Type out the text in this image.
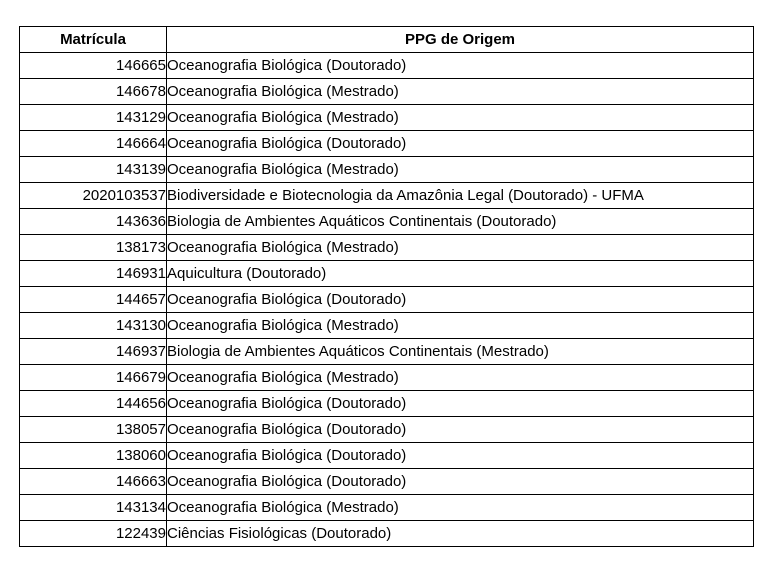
Matrícula	PPG de Origem
146665	Oceanografia Biológica (Doutorado)
146678	Oceanografia Biológica (Mestrado)
143129	Oceanografia Biológica (Mestrado)
146664	Oceanografia Biológica (Doutorado)
143139	Oceanografia Biológica (Mestrado)
2020103537	Biodiversidade e Biotecnologia da Amazônia Legal (Doutorado) - UFMA
143636	Biologia de Ambientes Aquáticos Continentais (Doutorado)
138173	Oceanografia Biológica (Mestrado)
146931	Aquicultura (Doutorado)
144657	Oceanografia Biológica (Doutorado)
143130	Oceanografia Biológica (Mestrado)
146937	Biologia de Ambientes Aquáticos Continentais (Mestrado)
146679	Oceanografia Biológica (Mestrado)
144656	Oceanografia Biológica (Doutorado)
138057	Oceanografia Biológica (Doutorado)
138060	Oceanografia Biológica (Doutorado)
146663	Oceanografia Biológica (Doutorado)
143134	Oceanografia Biológica (Mestrado)
122439	Ciências Fisiológicas (Doutorado)
